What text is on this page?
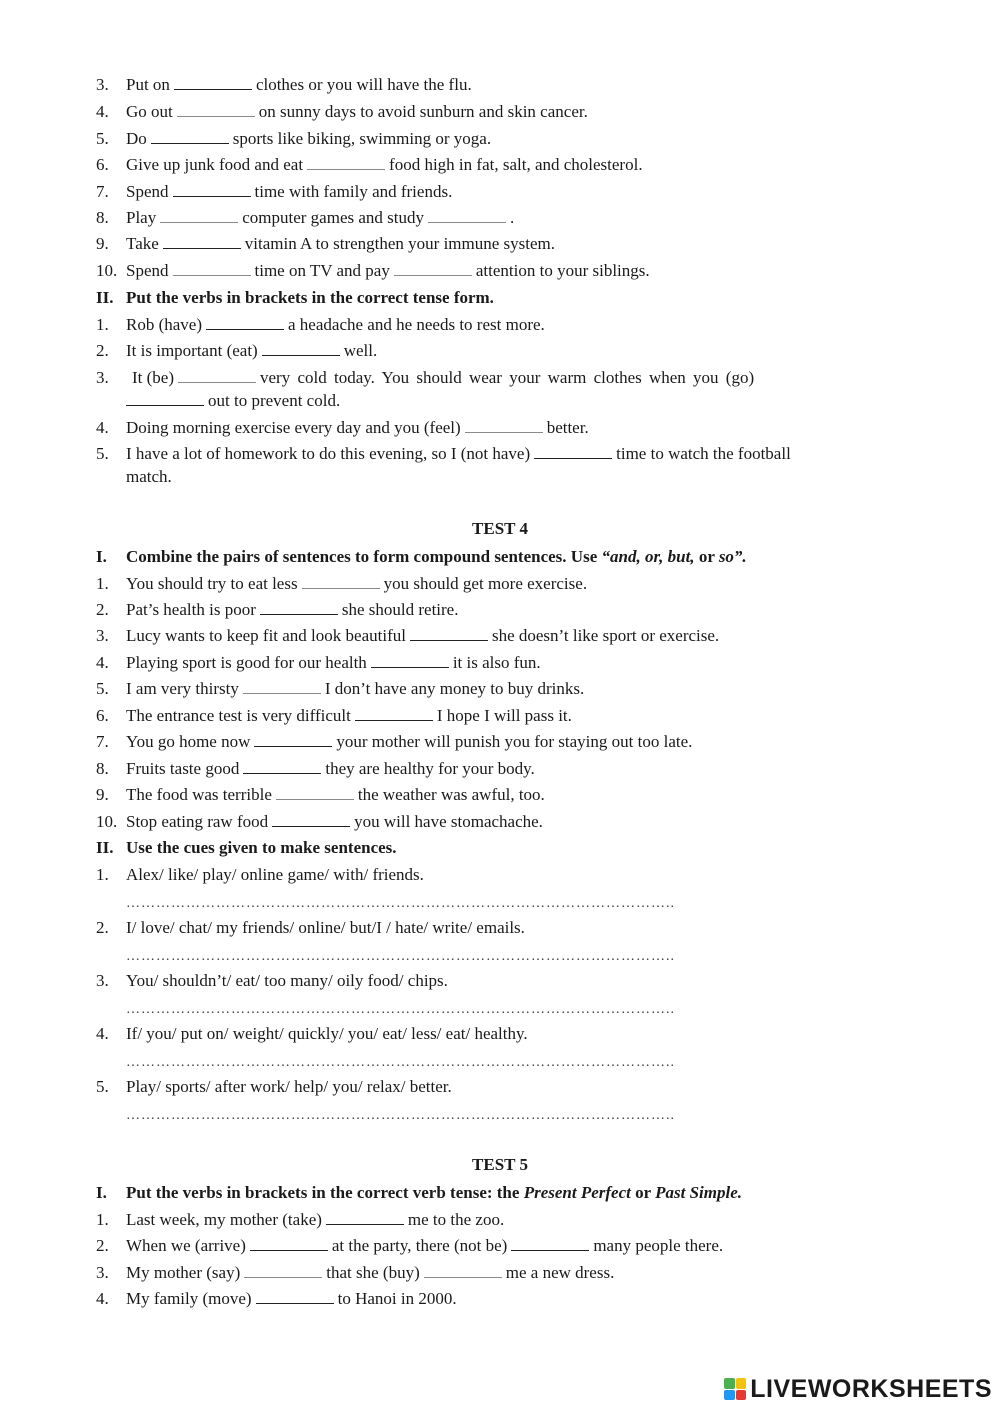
3. Put on	clothes or you will have the flu.
4. Go out	on sunny days to avoid sunburn and skin cancer.
5. Do	sports like biking, swimming or yoga.
6. Give up junk food and eat	food high in fat, salt, and cholesterol.
7. Spend	time with family and friends.
8. Play	computer games and study	.
9. Take	vitamin A to strengthen your immune system.
10. Spend	time on TV and pay	attention to your siblings.
II. Put the verbs in brackets in the correct tense form.
1. Rob (have)	a headache and he needs to rest more.
2. It is important (eat)	well.
3. It (be)	very cold today. You should wear your warm clothes when you (go)
out to prevent cold.
4. Doing morning exercise every day and you (feel)	better.
5. I have a lot of homework to do this evening, so I (not have)	time to watch the football
match.
TEST 4
I. Combine the pairs of sentences to form compound sentences. Use “and, or, but, or so”.
1. You should try to eat less	you should get more exercise.
2. Pat’s health is poor	she should retire.
3. Lucy wants to keep fit and look beautiful	she doesn’t like sport or exercise.
4. Playing sport is good for our health	it is also fun.
5. I am very thirsty	I don’t have any money to buy drinks.
6. The entrance test is very difficult	I hope I will pass it.
7. You go home now	your mother will punish you for staying out too late.
8. Fruits taste good	they are healthy for your body.
9. The food was terrible	the weather was awful, too.
10. Stop eating raw food	you will have stomachache.
II. Use the cues given to make sentences.
1. Alex/ like/ play/ online game/ with/ friends.
………………………………………………………………………………………………..
2. I/ love/ chat/ my friends/ online/ but/I / hate/ write/ emails.
………………………………………………………………………………………………..
3. You/ shouldn’t/ eat/ too many/ oily food/ chips.
………………………………………………………………………………………………..
4. If/ you/ put on/ weight/ quickly/ you/ eat/ less/ eat/ healthy.
………………………………………………………………………………………………..
5. Play/ sports/ after work/ help/ you/ relax/ better.
………………………………………………………………………………………………..
TEST 5
I. Put the verbs in brackets in the correct verb tense: the Present Perfect or Past Simple.
1. Last week, my mother (take)	me to the zoo.
2. When we (arrive)	at the party, there (not be)	many people there.
3. My mother (say)	that she (buy)	me a new dress.
4. My family (move)	to Hanoi in 2000.
LIVEWORKSHEETS
